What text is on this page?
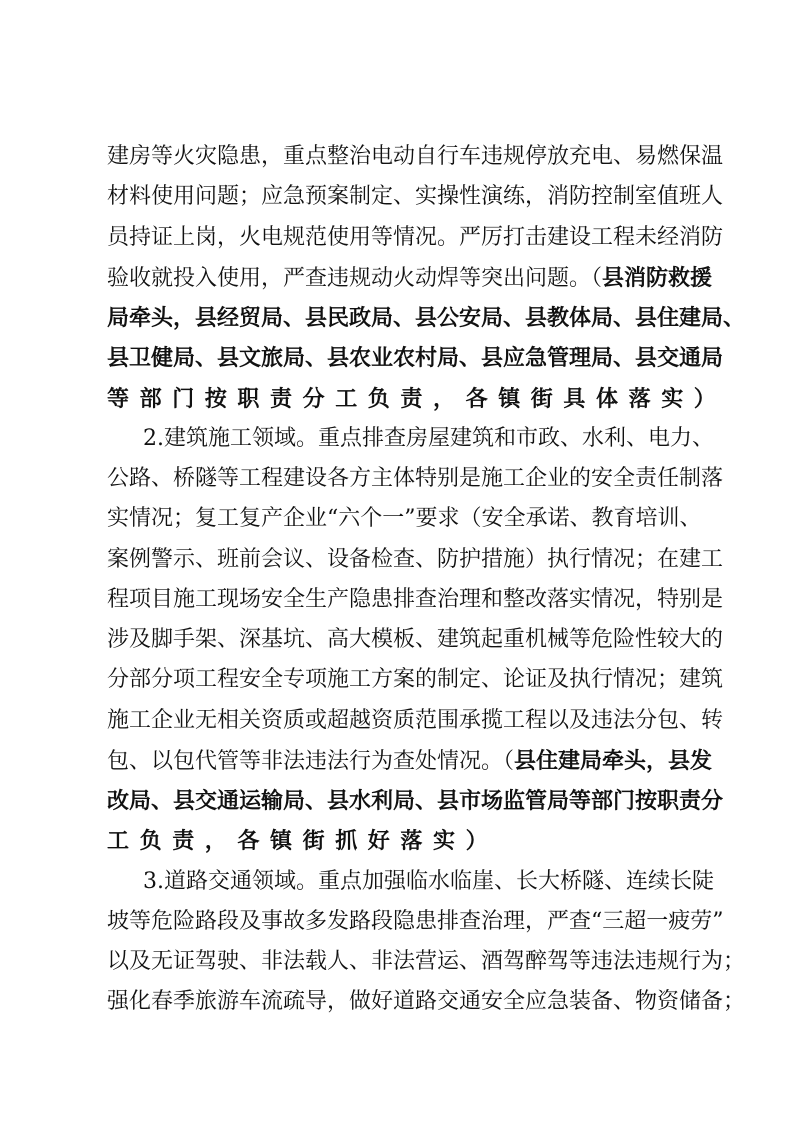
建房等火灾隐患，重点整治电动自行车违规停放充电、易燃保温
材料使用问题；应急预案制定、实操性演练，消防控制室值班人
员持证上岗，火电规范使用等情况。严厉打击建设工程未经消防
验收就投入使用，严查违规动火动焊等突出问题。（县消防救援
局牵头，县经贸局、县民政局、县公安局、县教体局、县住建局、
县卫健局、县文旅局、县农业农村局、县应急管理局、县交通局
等部门按职责分工负责，各镇街具体落实）
2.建筑施工领域。重点排查房屋建筑和市政、水利、电力、
公路、桥隧等工程建设各方主体特别是施工企业的安全责任制落
实情况；复工复产企业“六个一”要求（安全承诺、教育培训、
案例警示、班前会议、设备检查、防护措施）执行情况；在建工
程项目施工现场安全生产隐患排查治理和整改落实情况，特别是
涉及脚手架、深基坑、高大模板、建筑起重机械等危险性较大的
分部分项工程安全专项施工方案的制定、论证及执行情况；建筑
施工企业无相关资质或超越资质范围承揽工程以及违法分包、转
包、以包代管等非法违法行为查处情况。（县住建局牵头，县发
改局、县交通运输局、县水利局、县市场监管局等部门按职责分
工负责，各镇街抓好落实）
3.道路交通领域。重点加强临水临崖、长大桥隧、连续长陡
坡等危险路段及事故多发路段隐患排查治理，严查“三超一疲劳”
以及无证驾驶、非法载人、非法营运、酒驾醉驾等违法违规行为；
强化春季旅游车流疏导，做好道路交通安全应急装备、物资储备；
